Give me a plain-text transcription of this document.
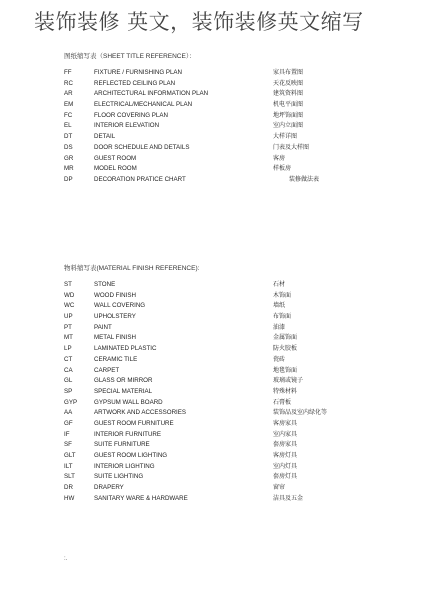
装饰装修 英文，装饰装修英文缩写
图纸缩写表（SHEET TITLE REFERENCE）：
FF	FIXTURE / FURNISHING PLAN	家具布置图
RC	REFLECTED CEILING PLAN	天花反映图
AR	ARCHITECTURAL INFORMATION PLAN	建筑资料图
EM	ELECTRICAL/MECHANICAL PLAN	机电平面图
FC	FLOOR COVERING PLAN	地坪饰面图
EL	INTERIOR ELEVATION	室内立面图
DT	DETAIL	大样详图
DS	DOOR SCHEDULE AND DETAILS	门表及大样图
GR	GUEST ROOM	客房
MR	MODEL ROOM	样板房
DP	DECORATION PRATICE CHART	装修做法表
物料缩写表(MATERIAL FINISH REFERENCE):
ST	STONE	石材
WD	WOOD FINISH	木饰面
WC	WALL COVERING	墙纸
UP	UPHOLSTERY	布饰面
PT	PAINT	油漆
MT	METAL FINISH	金属饰面
LP	LAMINATED PLASTIC	防火胶板
CT	CERAMIC TILE	瓷砖
CA	CARPET	地毯饰面
GL	GLASS OR MIRROR	玻璃或镜子
SP	SPECIAL MATERIAL	特殊材料
GYP	GYPSUM WALL BOARD	石膏板
AA	ARTWORK AND ACCESSORIES	装饰品及室内绿化等
GF	GUEST ROOM FURNITURE	客房家具
IF	INTERIOR FURNITURE	室内家具
SF	SUITE FURNITURE	套房家具
GLT	GUEST ROOM LIGHTING	客房灯具
ILT	INTERIOR LIGHTING	室内灯具
SLT	SUITE LIGHTING	套房灯具
DR	DRAPERY	窗帘
HW	SANITARY WARE & HARDWARE	洁具及五金
:.
